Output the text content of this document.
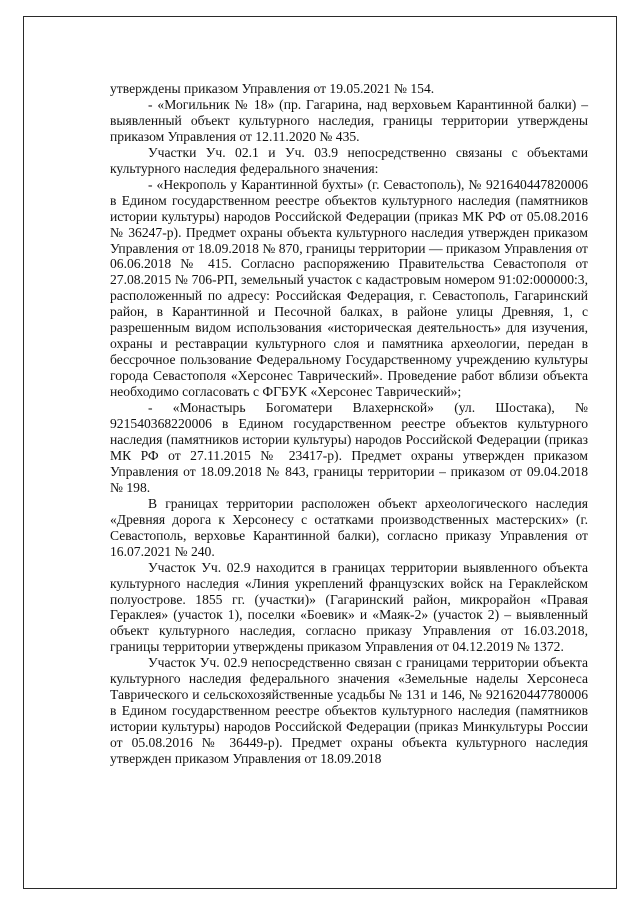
утверждены приказом Управления от 19.05.2021 № 154.

- «Могильник № 18» (пр. Гагарина, над верховьем Карантинной балки) – выявленный объект культурного наследия, границы территории утверждены приказом Управления от 12.11.2020 № 435.

Участки Уч. 02.1 и Уч. 03.9 непосредственно связаны с объектами культурного наследия федерального значения:

- «Некрополь у Карантинной бухты» (г. Севастополь), № 921640447820006 в Едином государственном реестре объектов культурного наследия (памятников истории культуры) народов Российской Федерации (приказ МК РФ от 05.08.2016 № 36247-р). Предмет охраны объекта культурного наследия утвержден приказом Управления от 18.09.2018 № 870, границы территории — приказом Управления от 06.06.2018 № 415. Согласно распоряжению Правительства Севастополя от 27.08.2015 № 706-РП, земельный участок с кадастровым номером 91:02:000000:3, расположенный по адресу: Российская Федерация, г. Севастополь, Гагаринский район, в Карантинной и Песочной балках, в районе улицы Древняя, 1, с разрешенным видом использования «историческая деятельность» для изучения, охраны и реставрации культурного слоя и памятника археологии, передан в бессрочное пользование Федеральному Государственному учреждению культуры города Севастополя «Херсонес Таврический». Проведение работ вблизи объекта необходимо согласовать с ФГБУК «Херсонес Таврический»;

- «Монастырь Богоматери Влахернской» (ул. Шостака), № 921540368220006 в Едином государственном реестре объектов культурного наследия (памятников истории культуры) народов Российской Федерации (приказ МК РФ от 27.11.2015 № 23417-р). Предмет охраны утвержден приказом Управления от 18.09.2018 № 843, границы территории – приказом от 09.04.2018 № 198.

В границах территории расположен объект археологического наследия «Древняя дорога к Херсонесу с остатками производственных мастерских» (г. Севастополь, верховье Карантинной балки), согласно приказу Управления от 16.07.2021 № 240.

Участок Уч. 02.9 находится в границах территории выявленного объекта культурного наследия «Линия укреплений французских войск на Гераклейском полуострове. 1855 гг. (участки)» (Гагаринский район, микрорайон «Правая Гераклея» (участок 1), поселки «Боевик» и «Маяк-2» (участок 2) – выявленный объект культурного наследия, согласно приказу Управления от 16.03.2018, границы территории утверждены приказом Управления от 04.12.2019 № 1372.

Участок Уч. 02.9 непосредственно связан с границами территории объекта культурного наследия федерального значения «Земельные наделы Херсонеса Таврического и сельскохозяйственные усадьбы № 131 и 146, № 921620447780006 в Едином государственном реестре объектов культурного наследия (памятников истории культуры) народов Российской Федерации (приказ Минкультуры России от 05.08.2016 № 36449-р). Предмет охраны объекта культурного наследия утвержден приказом Управления от 18.09.2018
